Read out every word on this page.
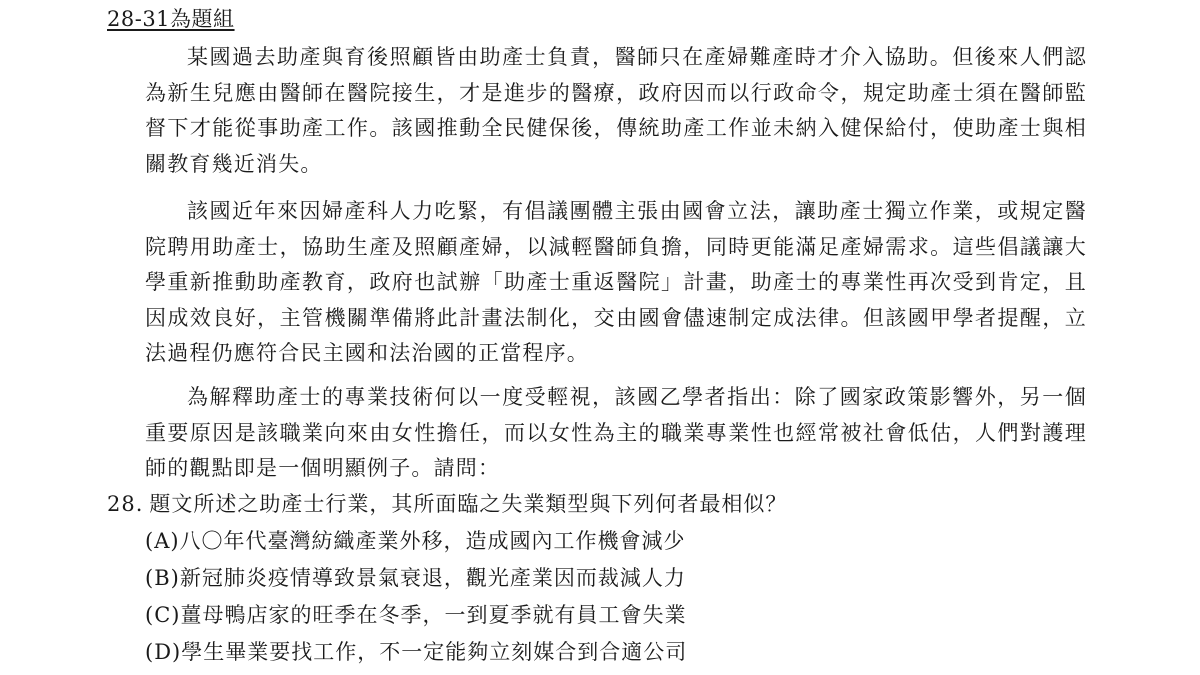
28-31為題組

某國過去助產與育後照顧皆由助產士負責，醫師只在產婦難產時才介入協助。但後來人們認為新生兒應由醫師在醫院接生，才是進步的醫療，政府因而以行政命令，規定助產士須在醫師監督下才能從事助產工作。該國推動全民健保後，傳統助產工作並未納入健保給付，使助產士與相關教育幾近消失。

該國近年來因婦產科人力吃緊，有倡議團體主張由國會立法，讓助產士獨立作業，或規定醫院聘用助產士，協助生產及照顧產婦，以減輕醫師負擔，同時更能滿足產婦需求。這些倡議讓大學重新推動助產教育，政府也試辦「助產士重返醫院」計畫，助產士的專業性再次受到肯定，且因成效良好，主管機關準備將此計畫法制化，交由國會儘速制定成法律。但該國甲學者提醒，立法過程仍應符合民主國和法治國的正當程序。

為解釋助產士的專業技術何以一度受輕視，該國乙學者指出：除了國家政策影響外，另一個重要原因是該職業向來由女性擔任，而以女性為主的職業專業性也經常被社會低估，人們對護理師的觀點即是一個明顯例子。請問：

28. 題文所述之助產士行業，其所面臨之失業類型與下列何者最相似？
(A)八〇年代臺灣紡織產業外移，造成國內工作機會減少
(B)新冠肺炎疫情導致景氣衰退，觀光產業因而裁減人力
(C)薑母鴨店家的旺季在冬季，一到夏季就有員工會失業
(D)學生畢業要找工作，不一定能夠立刻媒合到合適公司
